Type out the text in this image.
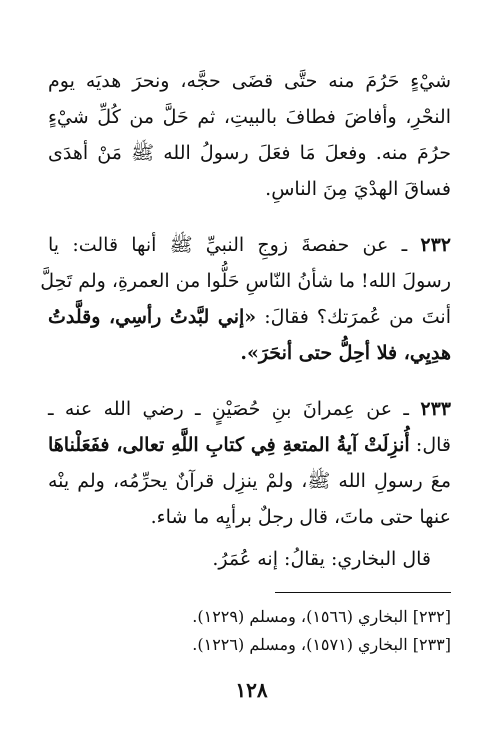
شيْءٍ حَرُمَ منه حتَّى قضَى حجَّه، ونحرَ هديَه يوم
النحْرِ، وأفاضَ فطافَ بالبيتِ، ثم حَلَّ من كُلِّ شيْءٍ
حرُمَ منه. وفعلَ مَا فعَلَ رسولُ الله ﷺ مَنْ أهدَى
فساقَ الهدْيَ مِنَ الناسِ.
٢٣٢ ـ عن حفصةَ زوجِ النبيِّ ﷺ أنها قالت: يا
رسولَ الله! ما شأنُ النّاسِ حَلُّوا من العمرةِ، ولم تَحِلَّ
أنتَ من عُمرَتك؟ فقالَ: «إني لبَّدتُ رأسِي، وقلَّدتُ
هدِيِي، فلا أحِلُّ حتى أنحَرَ».
٢٣٣ ـ عن عِمرانَ بنِ حُصَيْنٍ ـ رضي الله عنه ـ
قال: أُنزِلَتْ آيةُ المتعةِ فِي كتابِ اللَّهِ تعالى، ففَعَلْناهَا
معَ رسولِ الله ﷺ، ولمْ ينزِل قرآنٌ يحرِّمُه، ولم ينْه
عنها حتى ماتَ، قال رجلٌ برأيِه ما شاء.
قال البخاري: يقالُ: إنه عُمَرُ.
[٢٣٢] البخاري (١٥٦٦)، ومسلم (١٢٢٩).
[٢٣٣] البخاري (١٥٧١)، ومسلم (١٢٢٦).
١٢٨
